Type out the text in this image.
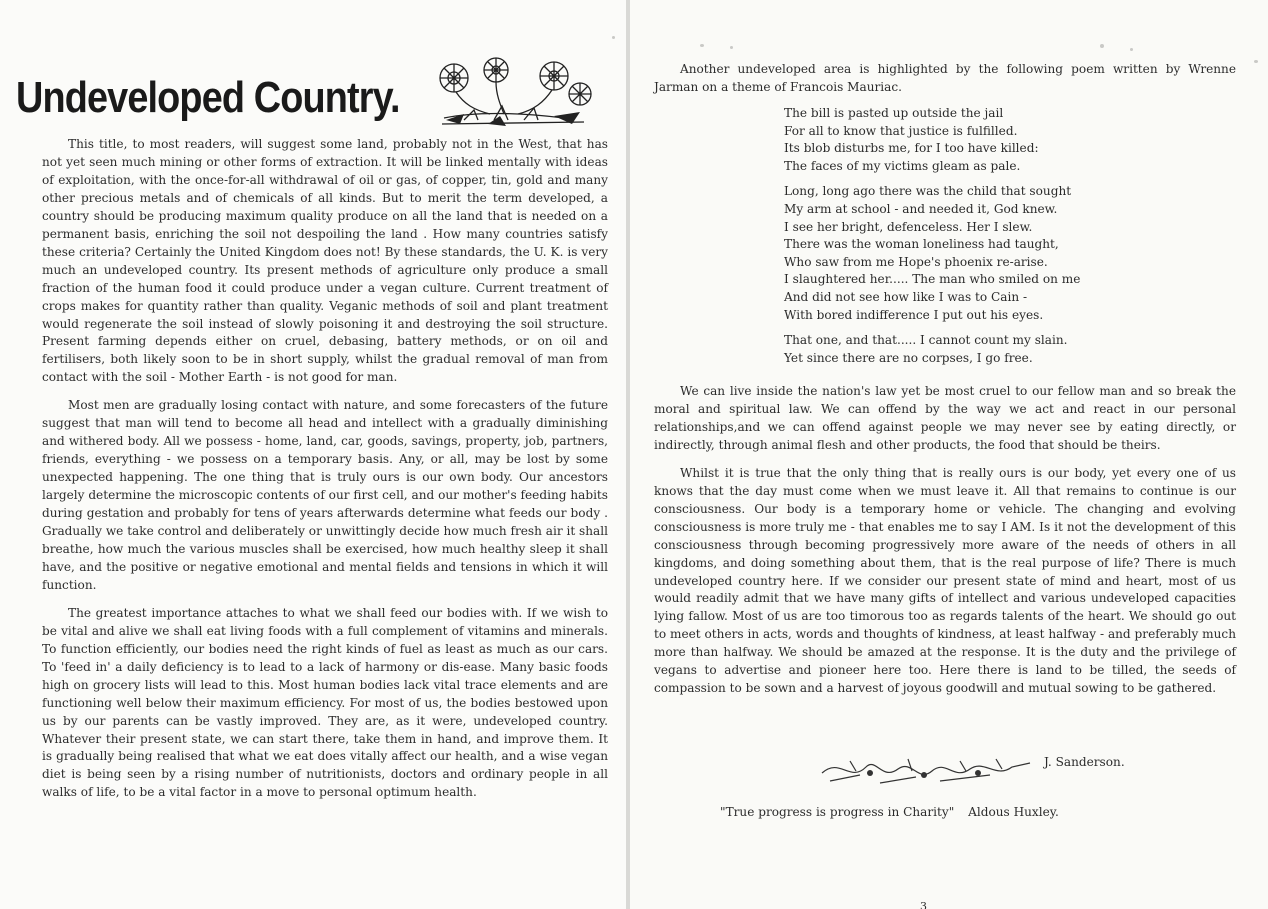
Undeveloped Country.

This title, to most readers, will suggest some land, probably not in the West, that has not yet seen much mining or other forms of extraction. It will be linked mentally with ideas of exploitation, with the once-for-all withdrawal of oil or gas, of copper, tin, gold and many other precious metals and of chemicals of all kinds. But to merit the term developed, a country should be producing maximum quality produce on all the land that is needed on a permanent basis, enriching the soil not despoiling the land . How many countries satisfy these criteria? Certainly the United Kingdom does not! By these standards, the U. K. is very much an undeveloped country. Its present methods of agriculture only produce a small fraction of the human food it could produce under a vegan culture. Current treatment of crops makes for quantity rather than quality. Veganic methods of soil and plant treatment would regenerate the soil instead of slowly poisoning it and destroying the soil structure. Present farming depends either on cruel, debasing, battery methods, or on oil and fertilisers, both likely soon to be in short supply, whilst the gradual removal of man from contact with the soil - Mother Earth - is not good for man.

Most men are gradually losing contact with nature, and some forecasters of the future suggest that man will tend to become all head and intellect with a gradually diminishing and withered body. All we possess - home, land, car, goods, savings, property, job, partners, friends, everything - we possess on a temporary basis. Any, or all, may be lost by some unexpected happening. The one thing that is truly ours is our own body. Our ancestors largely determine the microscopic contents of our first cell, and our mother's feeding habits during gestation and probably for tens of years afterwards determine what feeds our body . Gradually we take control and deliberately or unwittingly decide how much fresh air it shall breathe, how much the various muscles shall be exercised, how much healthy sleep it shall have, and the positive or negative emotional and mental fields and tensions in which it will function.

The greatest importance attaches to what we shall feed our bodies with. If we wish to be vital and alive we shall eat living foods with a full complement of vitamins and minerals. To function efficiently, our bodies need the right kinds of fuel as least as much as our cars. To 'feed in' a daily deficiency is to lead to a lack of harmony or dis-ease. Many basic foods high on grocery lists will lead to this. Most human bodies lack vital trace elements and are functioning well below their maximum efficiency. For most of us, the bodies bestowed upon us by our parents can be vastly improved. They are, as it were, undeveloped country. Whatever their present state, we can start there, take them in hand, and improve them. It is gradually being realised that what we eat does vitally affect our health, and a wise vegan diet is being seen by a rising number of nutritionists, doctors and ordinary people in all walks of life, to be a vital factor in a move to personal optimum health.

Another undeveloped area is highlighted by the following poem written by Wrenne Jarman on a theme of Francois Mauriac.

The bill is pasted up outside the jail
For all to know that justice is fulfilled.
Its blob disturbs me, for I too have killed:
The faces of my victims gleam as pale.
Long, long ago there was the child that sought
My arm at school - and needed it, God knew.
I see her bright, defenceless. Her I slew.
There was the woman loneliness had taught,
Who saw from me Hope's phoenix re-arise.
I slaughtered her..... The man who smiled on me
And did not see how like I was to Cain -
With bored indifference I put out his eyes.
That one, and that..... I cannot count my slain.
Yet since there are no corpses, I go free.

We can live inside the nation's law yet be most cruel to our fellow man and so break the moral and spiritual law. We can offend by the way we act and react in our personal relationships,and we can offend against people we may never see by eating directly, or indirectly, through animal flesh and other products, the food that should be theirs.

Whilst it is true that the only thing that is really ours is our body, yet every one of us knows that the day must come when we must leave it. All that remains to continue is our consciousness. Our body is a temporary home or vehicle. The changing and evolving consciousness is more truly me - that enables me to say I AM. Is it not the development of this consciousness through becoming progressively more aware of the needs of others in all kingdoms, and doing something about them, that is the real purpose of life? There is much undeveloped country here. If we consider our present state of mind and heart, most of us would readily admit that we have many gifts of intellect and various undeveloped capacities lying fallow. Most of us are too timorous too as regards talents of the heart. We should go out to meet others in acts, words and thoughts of kindness, at least halfway - and preferably much more than halfway. We should be amazed at the response. It is the duty and the privilege of vegans to advertise and pioneer here too. Here there is land to be tilled, the seeds of compassion to be sown and a harvest of joyous goodwill and mutual sowing to be gathered.

J. Sanderson.
"True progress is progress in Charity" Aldous Huxley.
3
